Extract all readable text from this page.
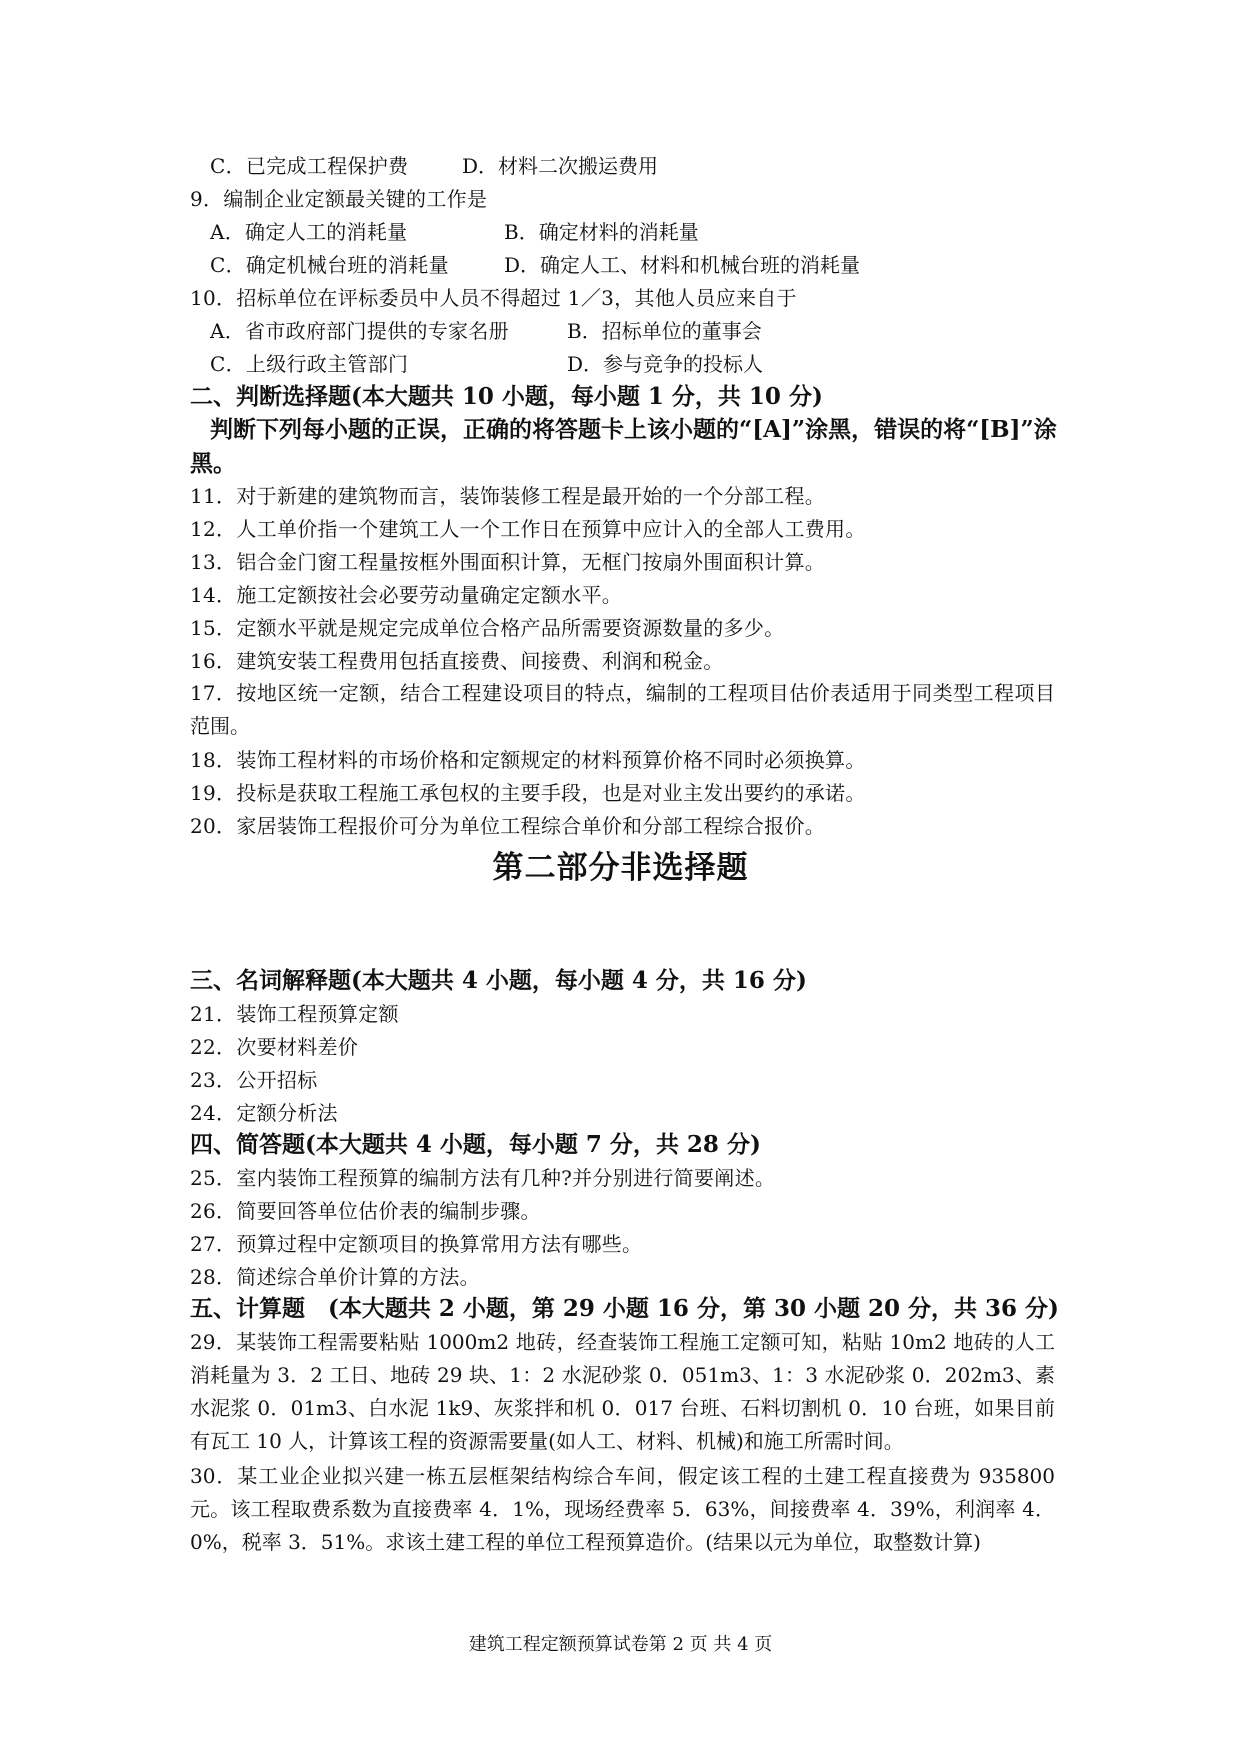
C．已完成工程保护费	D．材料二次搬运费用
9．编制企业定额最关键的工作是
A．确定人工的消耗量	B．确定材料的消耗量
C．确定机械台班的消耗量	D．确定人工、材料和机械台班的消耗量
10．招标单位在评标委员中人员不得超过 1／3，其他人员应来自于
A．省市政府部门提供的专家名册	B．招标单位的董事会
C．上级行政主管部门	D．参与竞争的投标人
二、判断选择题(本大题共 10 小题，每小题 1 分，共 10 分)
判断下列每小题的正误，正确的将答题卡上该小题的“[A]”涂黑，错误的将“[B]”涂黑。
11．对于新建的建筑物而言，装饰装修工程是最开始的一个分部工程。
12．人工单价指一个建筑工人一个工作日在预算中应计入的全部人工费用。
13．铝合金门窗工程量按框外围面积计算，无框门按扇外围面积计算。
14．施工定额按社会必要劳动量确定定额水平。
15．定额水平就是规定完成单位合格产品所需要资源数量的多少。
16．建筑安装工程费用包括直接费、间接费、利润和税金。
17．按地区统一定额，结合工程建设项目的特点，编制的工程项目估价表适用于同类型工程项目范围。
18．装饰工程材料的市场价格和定额规定的材料预算价格不同时必须换算。
19．投标是获取工程施工承包权的主要手段，也是对业主发出要约的承诺。
20．家居装饰工程报价可分为单位工程综合单价和分部工程综合报价。
第二部分非选择题
三、名词解释题(本大题共 4 小题，每小题 4 分，共 16 分)
21．装饰工程预算定额
22．次要材料差价
23．公开招标
24．定额分析法
四、简答题(本大题共 4 小题，每小题 7 分，共 28 分)
25．室内装饰工程预算的编制方法有几种?并分别进行简要阐述。
26．简要回答单位估价表的编制步骤。
27．预算过程中定额项目的换算常用方法有哪些。
28．简述综合单价计算的方法。
五、计算题　(本大题共 2 小题，第 29 小题 16 分，第 30 小题 20 分，共 36 分)
29．某装饰工程需要粘贴 1000m2 地砖，经查装饰工程施工定额可知，粘贴 10m2 地砖的人工消耗量为 3．2 工日、地砖 29 块、1：2 水泥砂浆 0．051m3、1：3 水泥砂浆 0．202m3、素水泥浆 0．01m3、白水泥 1k9、灰浆拌和机 0．017 台班、石料切割机 0．10 台班，如果目前有瓦工 10 人，计算该工程的资源需要量(如人工、材料、机械)和施工所需时间。
30．某工业企业拟兴建一栋五层框架结构综合车间，假定该工程的土建工程直接费为 935800 元。该工程取费系数为直接费率 4．1%，现场经费率 5．63%，间接费率 4．39%，利润率 4．0%，税率 3．51%。求该土建工程的单位工程预算造价。(结果以元为单位，取整数计算)
建筑工程定额预算试卷第 2 页 共 4 页
